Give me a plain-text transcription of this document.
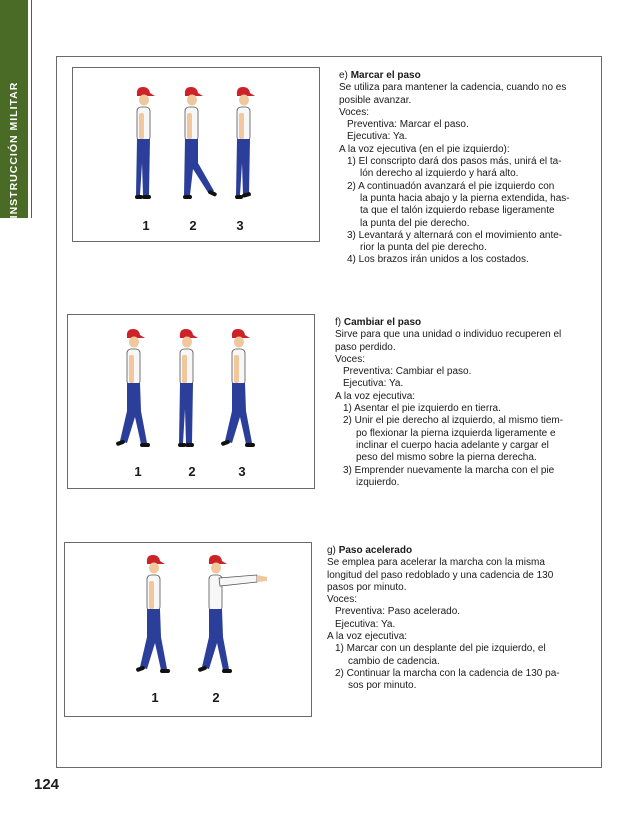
INSTRUCCIÓN MILITAR
1	2	3

e) Marcar el paso

Se utiliza para mantener la cadencia, cuando no es

posible avanzar.

Voces:

Preventiva: Marcar el paso.

Ejecutiva: Ya.

A la voz ejecutiva (en el pie izquierdo):

1) El conscripto dará dos pasos más, unirá el ta-

lón derecho al izquierdo y hará alto.

2) A continuadón avanzará el pie izquierdo con

la punta hacia abajo y la pierna extendida, has-

ta que el talón izquierdo rebase ligeramente

la punta del pie derecho.

3) Levantará y alternará con el movimiento ante-

rior la punta del pie derecho.

4) Los brazos irán unidos a los costados.

1	2	3

f) Cambiar el paso

Sirve para que una unidad o individuo recuperen el

paso perdido.

Voces:

Preventiva: Cambiar el paso.

Ejecutiva: Ya.

A la voz ejecutiva:

1) Asentar el pie izquierdo en tierra.

2) Unir el pie derecho al izquierdo, al mismo tiem-

po flexionar la pierna izquierda ligeramente e

inclinar el cuerpo hacia adelante y cargar el

peso del mismo sobre la pierna derecha.

3) Emprender nuevamente la marcha con el pie

izquierdo.

1	2

g) Paso acelerado

Se emplea para acelerar la marcha con la misma

longitud del paso redoblado y una cadencia de 130

pasos por minuto.

Voces:

Preventiva: Paso acelerado.

Ejecutiva: Ya.

A la voz ejecutiva:

1) Marcar con un desplante del pie izquierdo, el

cambio de cadencia.

2) Continuar la marcha con la cadencia de 130 pa-

sos por minuto.

124
